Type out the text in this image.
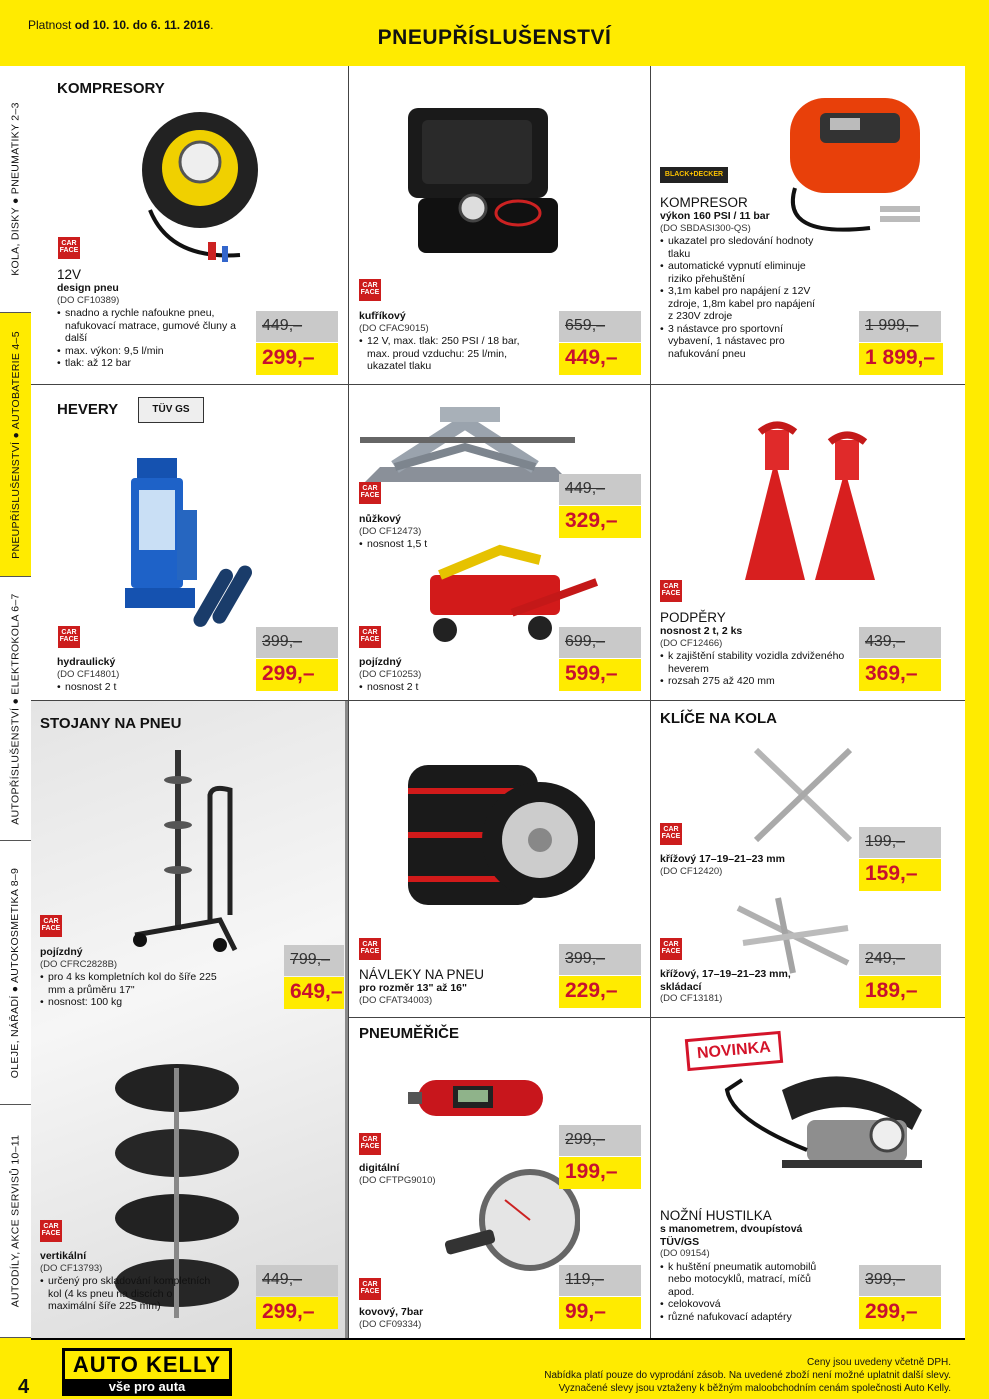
Platnost od 10. 10. do 6. 11. 2016.
PNEUPŘÍSLUŠENSTVÍ
KOLA, DISKY ● PNEUMATIKY 2–3
PNEUPŘÍSLUŠENSTVÍ ● AUTOBATERIE 4–5
AUTOPŘÍSLUŠENSTVÍ ● ELEKTROKOLA 6–7
OLEJE, NÁŘADÍ ● AUTOKOSMETIKA 8–9
AUTODÍLY, AKCE SERVISŮ 10–11
KOMPRESORY
HEVERY
STOJANY NA PNEU	KLÍČE NA KOLA
PNEUMĚŘIČE
TÜV GS
BLACK+DECKER
NOVINKA
CAR FACE
CAR FACE
CAR FACE
CAR FACE
CAR FACE
CAR FACE
CAR FACE
CAR FACE
CAR FACE
CAR FACE
CAR FACE
CAR FACE
CAR FACE
12V
design pneu
(DO CF10389)
• snadno a rychle nafoukne pneu, nafukovací matrace, gumové čluny a další
• max. výkon: 9,5 l/min
• tlak: až 12 bar
kufříkový
(DO CFAC9015)
• 12 V, max. tlak: 250 PSI / 18 bar, max. proud vzduchu: 25 l/min, ukazatel tlaku
KOMPRESOR
výkon 160 PSI / 11 bar
(DO SBDASI300-QS)
• ukazatel pro sledování hodnoty tlaku
• automatické vypnutí eliminuje riziko přehuštění
• 3,1m kabel pro napájení z 12V zdroje, 1,8m kabel pro napájení z 230V zdroje
• 3 nástavce pro sportovní vybavení, 1 nástavec pro nafukování pneu
hydraulický
(DO CF14801)
• nosnost 2 t
nůžkový
(DO CF12473)
• nosnost 1,5 t
pojízdný
(DO CF10253)
• nosnost 2 t
PODPĚRY
nosnost 2 t, 2 ks
(DO CF12466)
• k zajištění stability vozidla zdviženého heverem
• rozsah 275 až 420 mm
pojízdný
(DO CFRC2828B)
• pro 4 ks kompletních kol do šíře 225 mm a průměru 17"
• nosnost: 100 kg
NÁVLEKY NA PNEU
pro rozměr 13" až 16"
(DO CFAT34003)
křížový 17–19–21–23 mm
(DO CF12420)
křížový, 17–19–21–23 mm, skládací
(DO CF13181)
digitální
(DO CFTPG9010)
vertikální
(DO CF13793)
• určený pro skladování kompletních kol (4 ks pneu na discích o maximální šíře 225 mm)	kovový, 7bar
(DO CF09334)
NOŽNÍ HUSTILKA
s manometrem, dvoupístová TÜV/GS
(DO 09154)
• k huštění pneumatik automobilů nebo motocyklů, matrací, míčů apod.
• celokovová
• různé nafukovací adaptéry
449,–
299,–
659,–
449,–
1 999,–
1 899,–
399,–
299,–
449,–
329,–
699,–
599,–
439,–
369,–
799,–
649,–
399,–
229,–
199,–
159,–
249,–
189,–
299,–
199,–
449,–
299,–
119,–
99,–
399,–
299,–
4
AUTO KELLY
vše pro auta
Ceny jsou uvedeny včetně DPH.
Nabídka platí pouze do vyprodání zásob. Na uvedené zboží není možné uplatnit další slevy.
Vyznačené slevy jsou vztaženy k běžným maloobchodním cenám společnosti Auto Kelly.
